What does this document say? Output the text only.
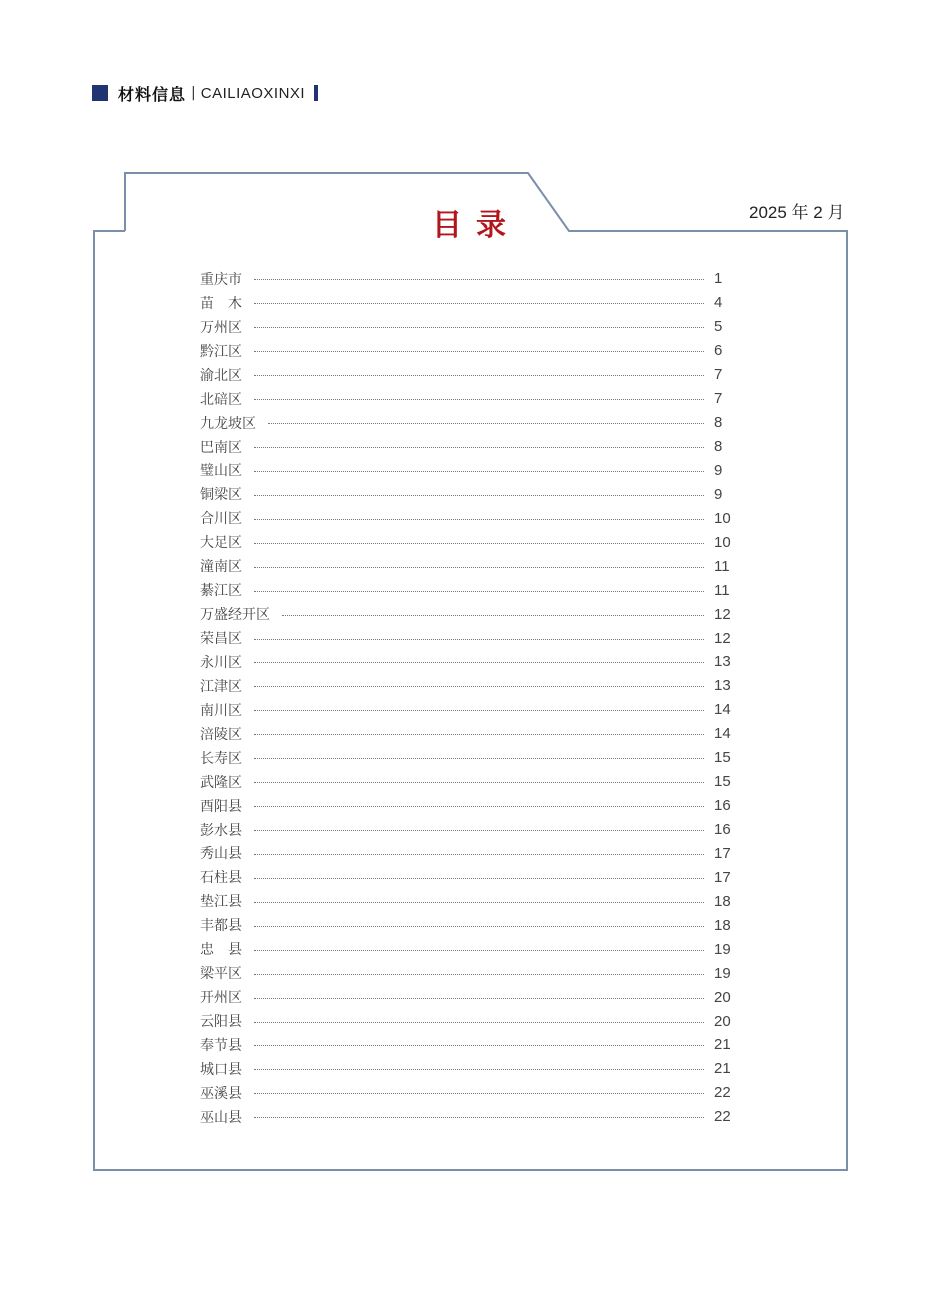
材料信息 | CAILIAOXINXI
目录	2025 年 2 月
重庆市	1
苗　木	4
万州区	5
黔江区	6
渝北区	7
北碚区	7
九龙坡区	8
巴南区	8
璧山区	9
铜梁区	9
合川区	10
大足区	10
潼南区	11
綦江区	11
万盛经开区	12
荣昌区	12
永川区	13
江津区	13
南川区	14
涪陵区	14
长寿区	15
武隆区	15
酉阳县	16
彭水县	16
秀山县	17
石柱县	17
垫江县	18
丰都县	18
忠　县	19
梁平区	19
开州区	20
云阳县	20
奉节县	21
城口县	21
巫溪县	22
巫山县	22
